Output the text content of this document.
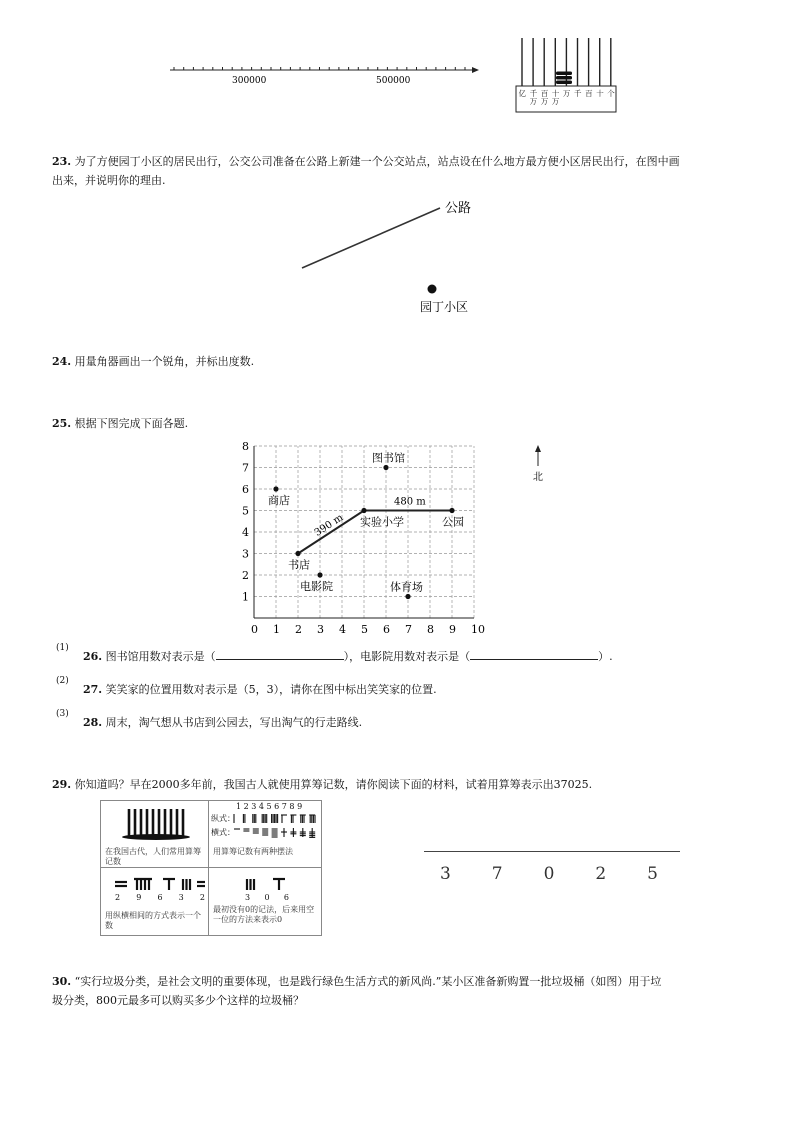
300000	500000
亿 千
万
百
万
十
万
万 千 百 十 个
23. 为了方便园丁小区的居民出行，公交公司准备在公路上新建一个公交站点，站点设在什么地方最方便小区居民出行，在图中画
出来，并说明你的理由.
公路
园丁小区
24. 用量角器画出一个锐角，并标出度数.
25. 根据下图完成下面各题.
0 1 2 3 4 5 6 7 8 9 10
1
2
3
4
5
6
7
8
商店
图书馆
实验小学	公园
书店
电影院	体育场
390 m
480 m
北
(1)
26. 图书馆用数对表示是（	），电影院用数对表示是（	）.
(2)
27. 笑笑家的位置用数对表示是（5，3），请你在图中标出笑笑家的位置.
(3)
28. 周末，淘气想从书店到公园去，写出淘气的行走路线.
29. 你知道吗？早在2000多年前，我国古人就使用算筹记数，请你阅读下面的材料，试着用算筹表示出37025.
在我国古代，人们常用算筹记数
1 2 3 4 5 6 7 8 9
纵式：
横式：
用算筹记数有两种摆法
2 9 6 3 2
用纵横相间的方式表示一个数
3 0 6
最初没有0的记法，后来用空一位的方法来表示0
3 7 0 2 5
30. “实行垃圾分类，是社会文明的重要体现，也是践行绿色生活方式的新风尚.”某小区准备新购置一批垃圾桶（如图）用于垃
圾分类，800元最多可以购买多少个这样的垃圾桶？
